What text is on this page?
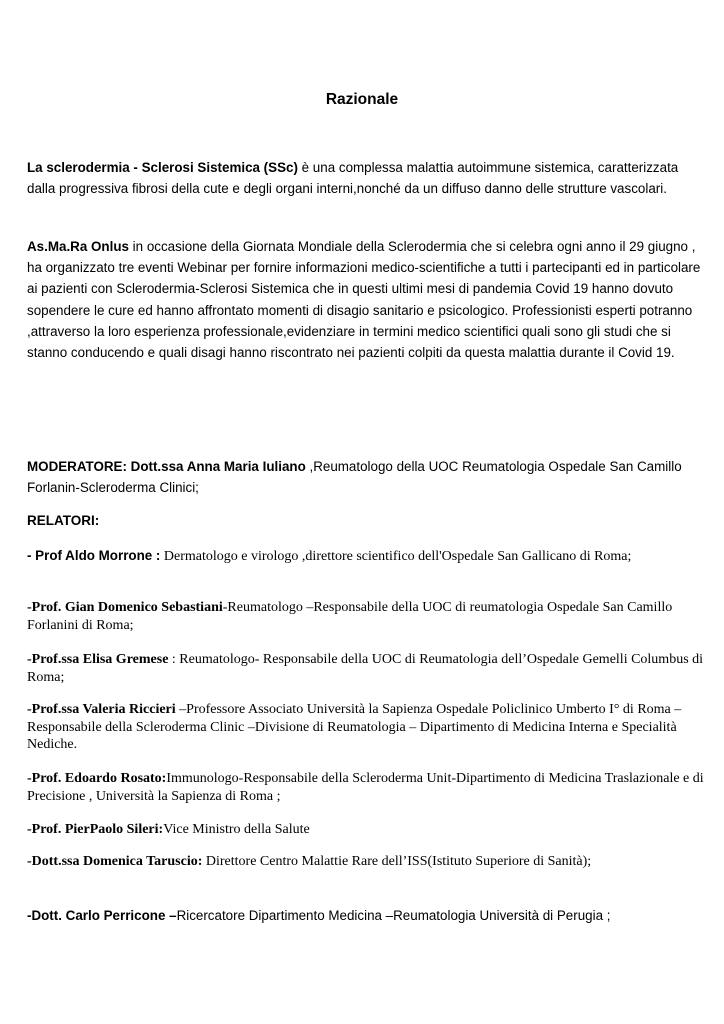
Razionale

La sclerodermia - Sclerosi Sistemica (SSc) è una complessa malattia autoimmune sistemica, caratterizzata dalla progressiva fibrosi della cute e degli organi interni,nonché da un diffuso danno delle strutture vascolari.

As.Ma.Ra Onlus in occasione della Giornata Mondiale della Sclerodermia che si celebra ogni anno il 29 giugno , ha organizzato tre eventi Webinar per fornire informazioni medico-scientifiche a tutti i partecipanti ed in particolare ai pazienti con Sclerodermia-Sclerosi Sistemica che in questi ultimi mesi di pandemia Covid 19 hanno dovuto sopendere le cure ed hanno affrontato momenti di disagio sanitario e psicologico. Professionisti esperti potranno ,attraverso la loro esperienza professionale,evidenziare in termini medico scientifici quali sono gli studi che si stanno conducendo e quali disagi hanno riscontrato nei pazienti colpiti da questa malattia durante il Covid 19.

MODERATORE: Dott.ssa Anna Maria Iuliano ,Reumatologo della UOC Reumatologia Ospedale San Camillo Forlanin-Scleroderma Clinici;

RELATORI:

- Prof Aldo Morrone : Dermatologo e virologo ,direttore scientifico dell'Ospedale San Gallicano di Roma;

-Prof. Gian Domenico Sebastiani-Reumatologo –Responsabile della UOC di reumatologia Ospedale San Camillo Forlanini di Roma;

-Prof.ssa Elisa Gremese : Reumatologo- Responsabile della UOC di Reumatologia dell’Ospedale Gemelli Columbus di Roma;

-Prof.ssa Valeria Riccieri –Professore Associato Università la Sapienza Ospedale Policlinico Umberto I° di Roma –Responsabile della Scleroderma Clinic –Divisione di Reumatologia – Dipartimento di Medicina Interna e Specialità Nediche.

-Prof. Edoardo Rosato:Immunologo-Responsabile della Scleroderma Unit-Dipartimento di Medicina Traslazionale e di Precisione , Università la Sapienza di Roma ;

-Prof. PierPaolo Sileri:Vice Ministro della Salute

-Dott.ssa Domenica Taruscio: Direttore Centro Malattie Rare dell’ISS(Istituto Superiore di Sanità);

-Dott. Carlo Perricone –Ricercatore Dipartimento Medicina –Reumatologia Università di Perugia ;
